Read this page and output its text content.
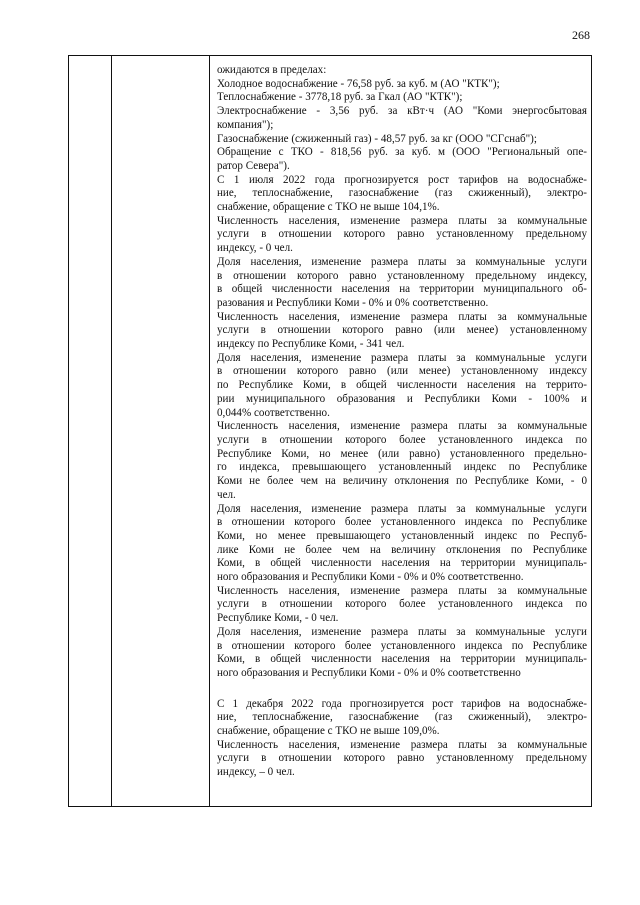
268
ожидаются в пределах:
Холодное водоснабжение - 76,58 руб. за куб. м (АО "КТК");
Теплоснабжение - 3778,18 руб. за Гкал (АО "КТК");
Электроснабжение - 3,56 руб. за кВт·ч (АО "Коми энергосбытовая
компания");
Газоснабжение (сжиженный газ) - 48,57 руб. за кг (ООО "СГснаб");
Обращение с ТКО - 818,56 руб. за куб. м (ООО "Региональный опе-
ратор Севера").
С 1 июля 2022 года прогнозируется рост тарифов на водоснабже-
ние, теплоснабжение, газоснабжение (газ сжиженный), электро-
снабжение, обращение с ТКО не выше 104,1%.
Численность населения, изменение размера платы за коммунальные
услуги в отношении которого равно установленному предельному
индексу, - 0 чел.
Доля населения, изменение размера платы за коммунальные услуги
в отношении которого равно установленному предельному индексу,
в общей численности населения на территории муниципального об-
разования и Республики Коми - 0% и 0% соответственно.
Численность населения, изменение размера платы за коммунальные
услуги в отношении которого равно (или менее) установленному
индексу по Республике Коми, - 341 чел.
Доля населения, изменение размера платы за коммунальные услуги
в отношении которого равно (или менее) установленному индексу
по Республике Коми, в общей численности населения на террито-
рии муниципального образования и Республики Коми - 100% и
0,044% соответственно.
Численность населения, изменение размера платы за коммунальные
услуги в отношении которого более установленного индекса по
Республике Коми, но менее (или равно) установленного предельно-
го индекса, превышающего установленный индекс по Республике
Коми не более чем на величину отклонения по Республике Коми, - 0
чел.
Доля населения, изменение размера платы за коммунальные услуги
в отношении которого более установленного индекса по Республике
Коми, но менее превышающего установленный индекс по Респуб-
лике Коми не более чем на величину отклонения по Республике
Коми, в общей численности населения на территории муниципаль-
ного образования и Республики Коми - 0% и 0% соответственно.
Численность населения, изменение размера платы за коммунальные
услуги в отношении которого более установленного индекса по
Республике Коми, - 0 чел.
Доля населения, изменение размера платы за коммунальные услуги
в отношении которого более установленного индекса по Республике
Коми, в общей численности населения на территории муниципаль-
ного образования и Республики Коми - 0% и 0% соответственно
С 1 декабря 2022 года прогнозируется рост тарифов на водоснабже-
ние, теплоснабжение, газоснабжение (газ сжиженный), электро-
снабжение, обращение с ТКО не выше 109,0%.
Численность населения, изменение размера платы за коммунальные
услуги в отношении которого равно установленному предельному
индексу, – 0 чел.
